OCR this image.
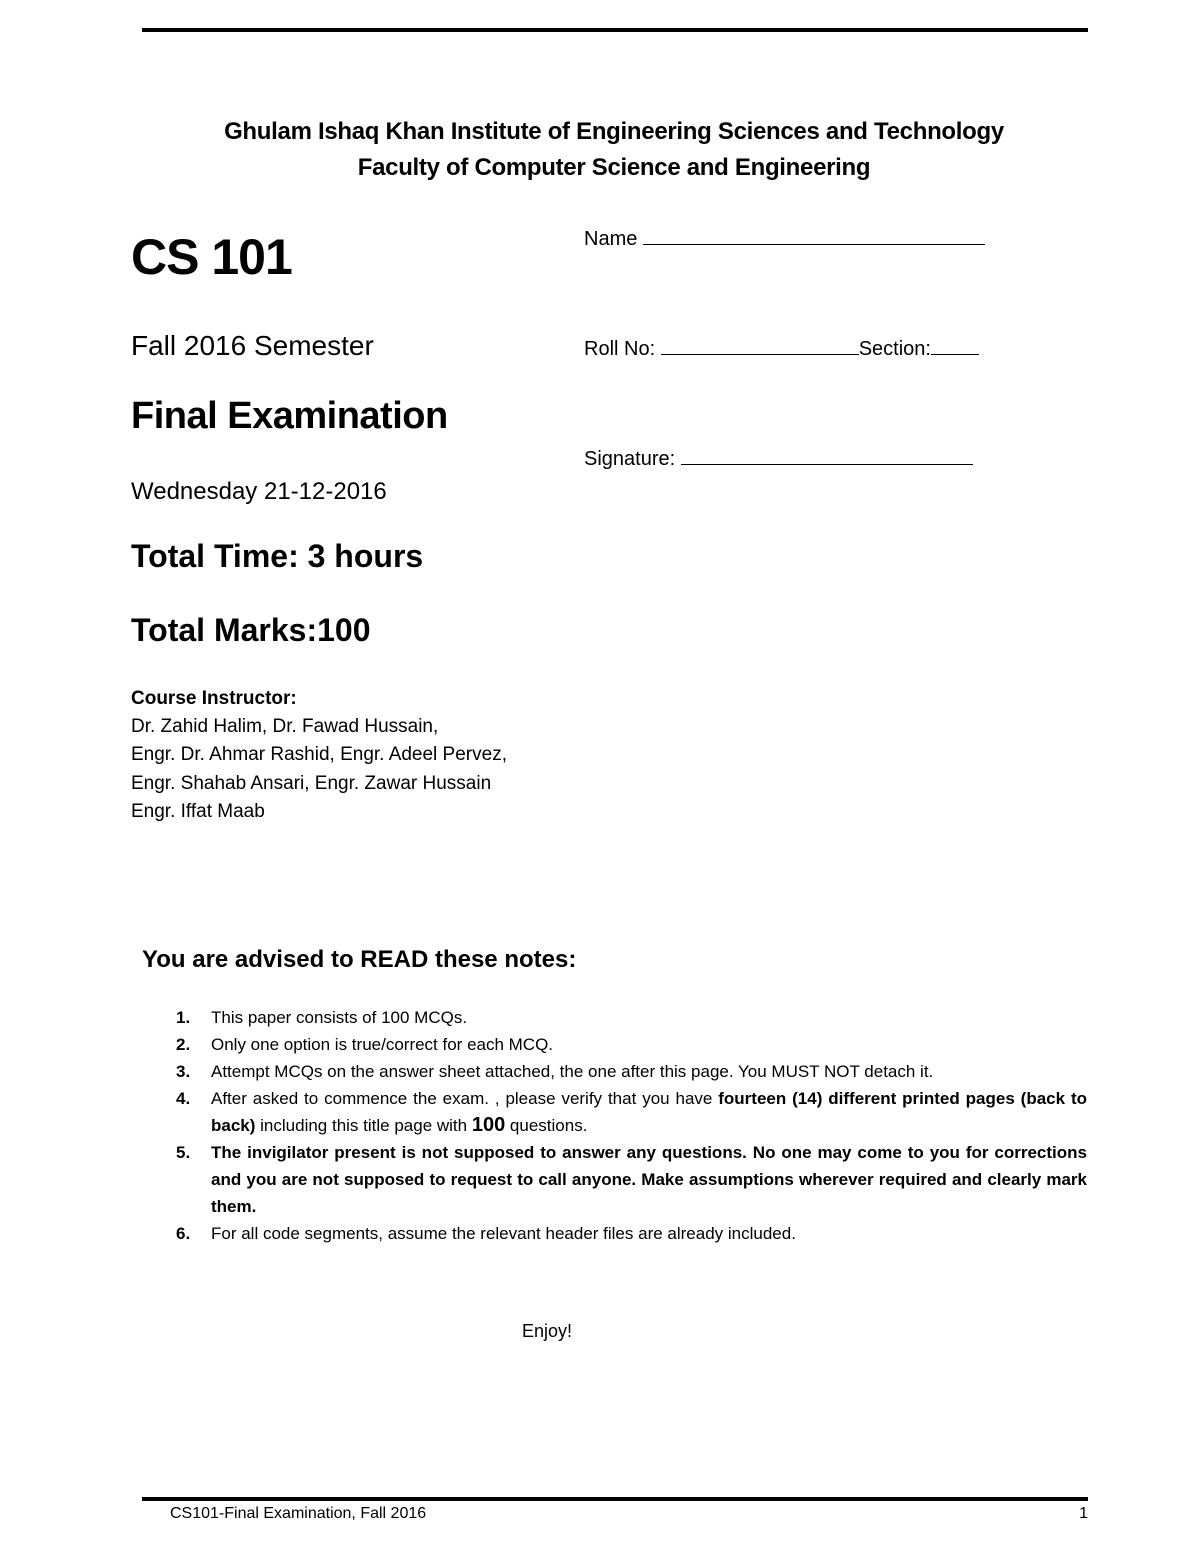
Ghulam Ishaq Khan Institute of Engineering Sciences and Technology
Faculty of Computer Science and Engineering
CS 101
Fall 2016 Semester
Final Examination
Wednesday 21-12-2016
Total Time: 3 hours
Total Marks:100
Name
Roll No:	Section:
Signature:
Course Instructor:
Dr. Zahid Halim, Dr. Fawad Hussain,
Engr. Dr. Ahmar Rashid, Engr. Adeel Pervez,
Engr. Shahab Ansari, Engr. Zawar Hussain
Engr. Iffat Maab
You are advised to READ these notes:
1. This paper consists of 100 MCQs.
2. Only one option is true/correct for each MCQ.
3. Attempt MCQs on the answer sheet attached, the one after this page. You MUST NOT detach it.
4. After asked to commence the exam. , please verify that you have fourteen (14) different printed pages (back to back) including this title page with 100 questions.
5. The invigilator present is not supposed to answer any questions. No one may come to you for corrections and you are not supposed to request to call anyone. Make assumptions wherever required and clearly mark them.
6. For all code segments, assume the relevant header files are already included.
Enjoy!
CS101-Final Examination, Fall 2016	1
